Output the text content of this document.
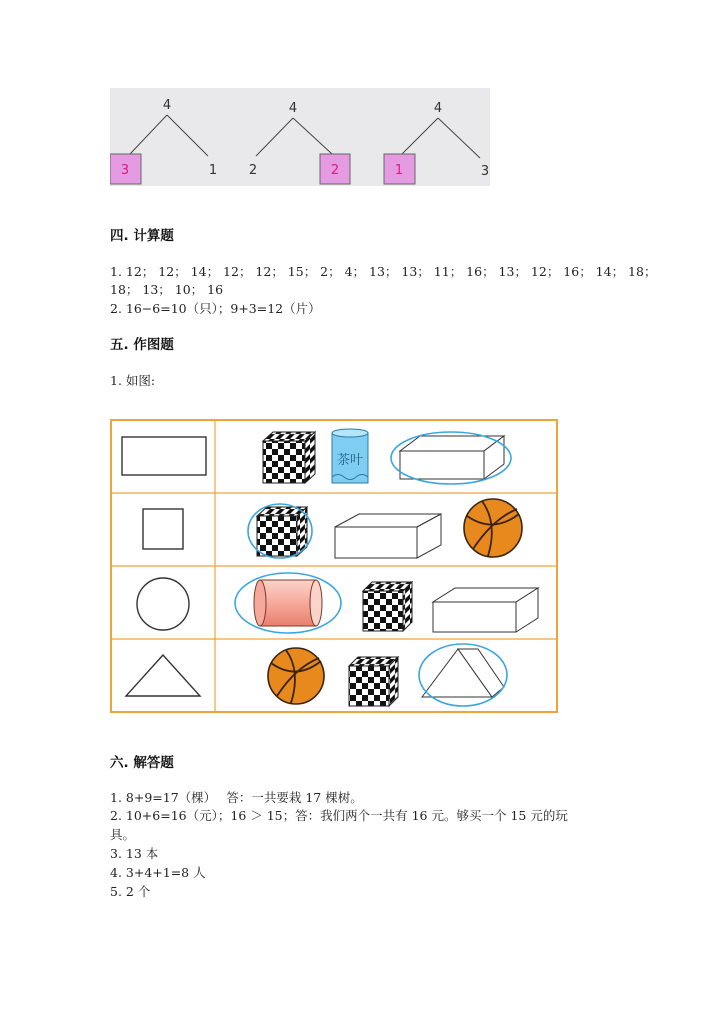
4
3	1
4
2	2
4
1	3
四. 计算题
1. 12； 12； 14； 12； 12； 15； 2； 4； 13； 13； 11； 16； 13； 12； 16； 14； 18；
18； 13； 10； 16
2. 16−6=10（只）；9+3=12（片）
五. 作图题
1. 如图:
茶叶
六. 解答题
1. 8+9=17（棵）　 答：一共要栽 17 棵树。
2. 10+6=16（元）；16 ＞ 15；答：我们两个一共有 16 元。够买一个 15 元的玩
具。
3. 13 本
4. 3+4+1=8 人
5. 2 个
